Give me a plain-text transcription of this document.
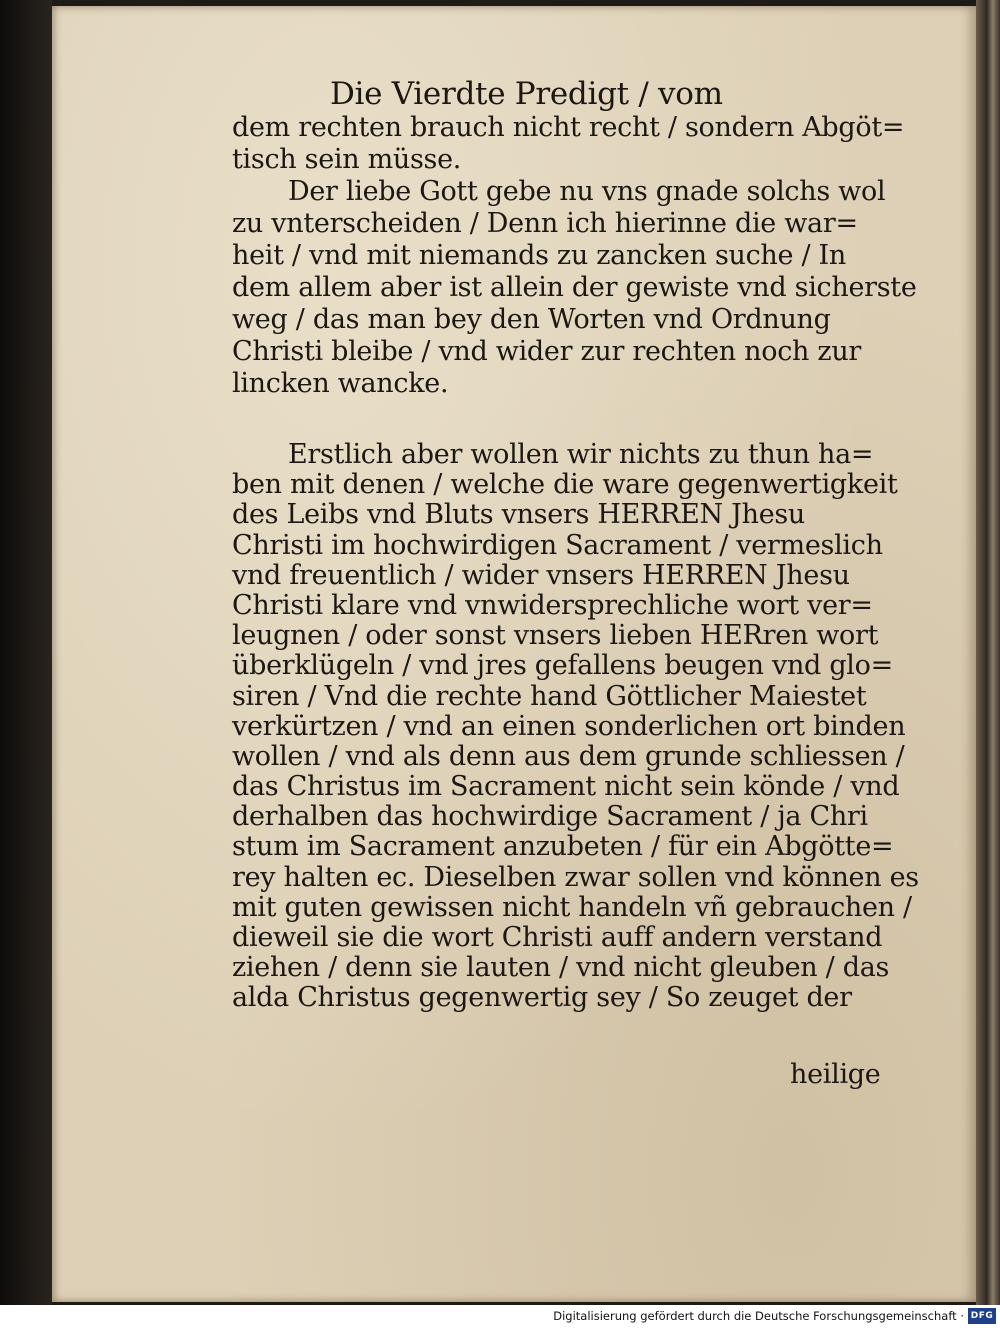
Die Vierdte Predigt / vom
dem rechten brauch nicht recht / sondern Abgöt=
tisch sein müsse.
Der liebe Gott gebe nu vns gnade solchs wol
zu vnterscheiden / Denn ich hierinne die war=
heit / vnd mit niemands zu zancken suche / In
dem allem aber ist allein der gewiste vnd sicherste
weg / das man bey den Worten vnd Ordnung
Christi bleibe / vnd wider zur rechten noch zur
lincken wancke.
Erstlich aber wollen wir nichts zu thun ha=
ben mit denen / welche die ware gegenwertigkeit
des Leibs vnd Bluts vnsers HERREN Jhesu
Christi im hochwirdigen Sacrament / vermeslich
vnd freuentlich / wider vnsers HERREN Jhesu
Christi klare vnd vnwidersprechliche wort ver=
leugnen / oder sonst vnsers lieben HERren wort
überklügeln / vnd jres gefallens beugen vnd glo=
siren / Vnd die rechte hand Göttlicher Maiestet
verkürtzen / vnd an einen sonderlichen ort binden
wollen / vnd als denn aus dem grunde schliessen /
das Christus im Sacrament nicht sein könde / vnd
derhalben das hochwirdige Sacrament / ja Chri
stum im Sacrament anzubeten / für ein Abgötte=
rey halten ec. Dieselben zwar sollen vnd können es
mit guten gewissen nicht handeln vñ gebrauchen /
dieweil sie die wort Christi auff andern verstand
ziehen / denn sie lauten / vnd nicht gleuben / das
alda Christus gegenwertig sey / So zeuget der
heilige
Digitalisierung gefördert durch die Deutsche Forschungsgemeinschaft · DFG
